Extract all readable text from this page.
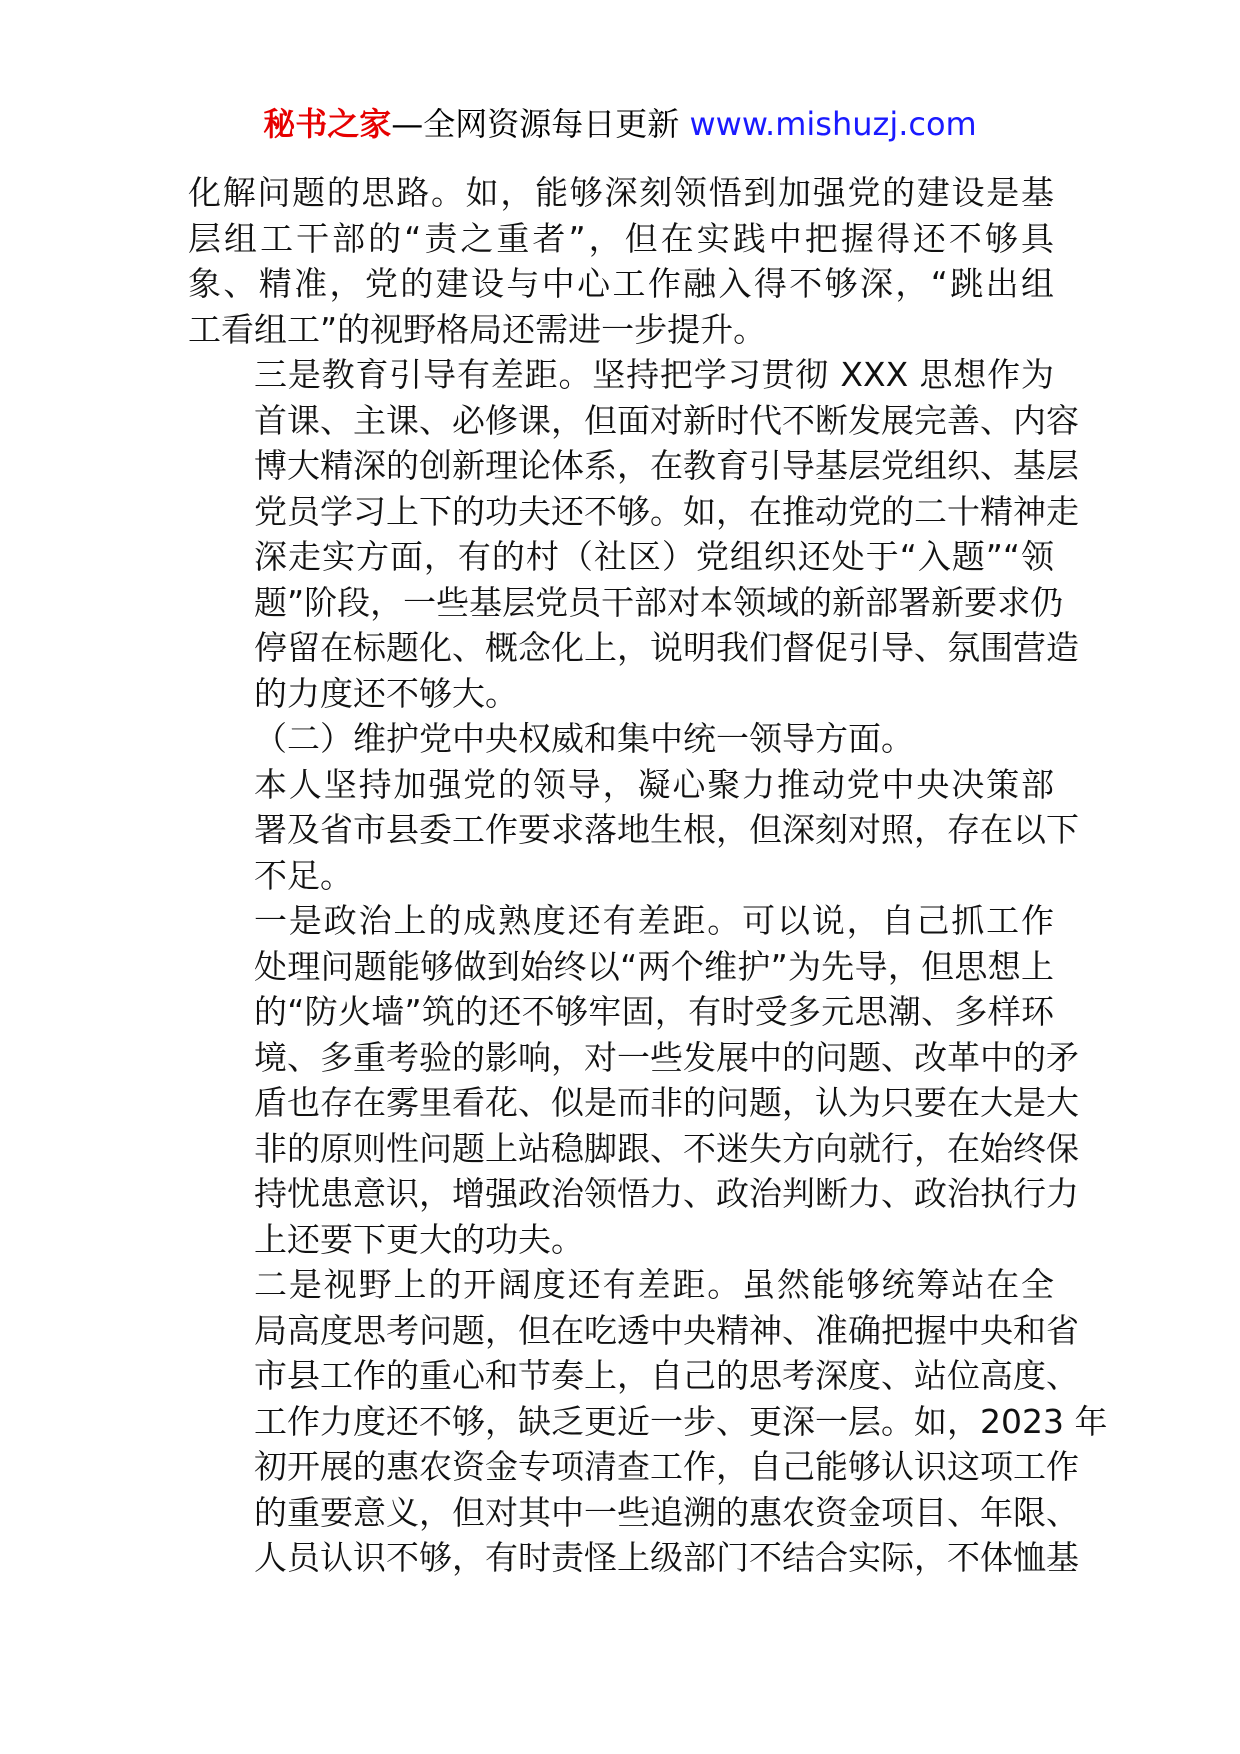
秘书之家—全网资源每日更新 www.mishuzj.com

化解问题的思路。如，能够深刻领悟到加强党的建设是基
层组工干部的“责之重者”，但在实践中把握得还不够具
象、精准，党的建设与中心工作融入得不够深，“跳出组
工看组工”的视野格局还需进一步提升。

三是教育引导有差距。坚持把学习贯彻 XXX 思想作为
首课、主课、必修课，但面对新时代不断发展完善、内容
博大精深的创新理论体系，在教育引导基层党组织、基层
党员学习上下的功夫还不够。如，在推动党的二十精神走
深走实方面，有的村（社区）党组织还处于“入题”“领
题”阶段，一些基层党员干部对本领域的新部署新要求仍
停留在标题化、概念化上，说明我们督促引导、氛围营造
的力度还不够大。

（二）维护党中央权威和集中统一领导方面。

本人坚持加强党的领导，凝心聚力推动党中央决策部
署及省市县委工作要求落地生根，但深刻对照，存在以下
不足。

一是政治上的成熟度还有差距。可以说，自己抓工作
处理问题能够做到始终以“两个维护”为先导，但思想上
的“防火墙”筑的还不够牢固，有时受多元思潮、多样环
境、多重考验的影响，对一些发展中的问题、改革中的矛
盾也存在雾里看花、似是而非的问题，认为只要在大是大
非的原则性问题上站稳脚跟、不迷失方向就行，在始终保
持忧患意识，增强政治领悟力、政治判断力、政治执行力
上还要下更大的功夫。

二是视野上的开阔度还有差距。虽然能够统筹站在全
局高度思考问题，但在吃透中央精神、准确把握中央和省
市县工作的重心和节奏上，自己的思考深度、站位高度、
工作力度还不够，缺乏更近一步、更深一层。如，2023 年
初开展的惠农资金专项清查工作，自己能够认识这项工作
的重要意义，但对其中一些追溯的惠农资金项目、年限、
人员认识不够，有时责怪上级部门不结合实际，不体恤基
